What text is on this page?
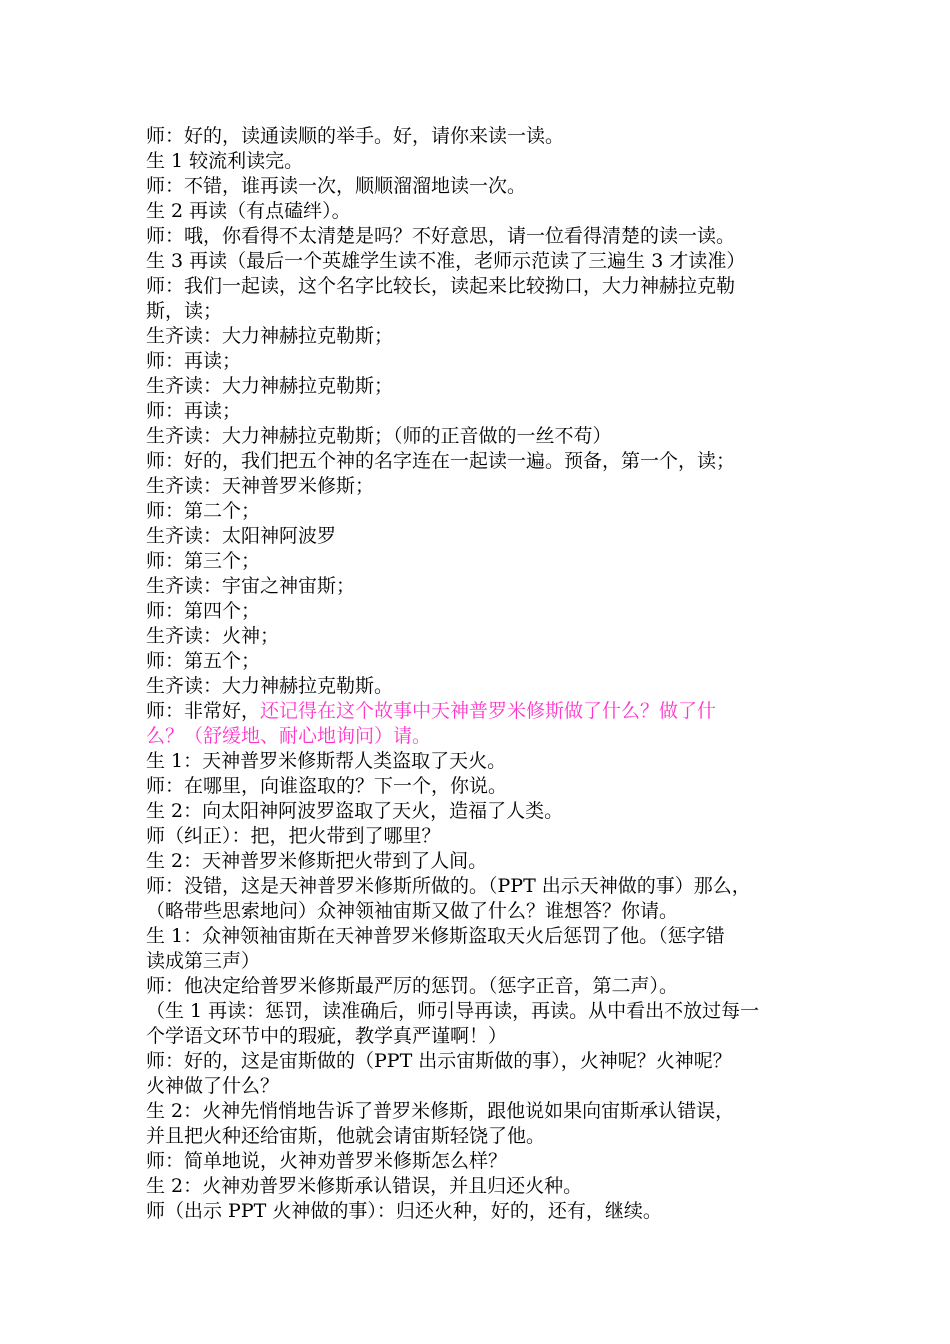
师：好的，读通读顺的举手。好，请你来读一读。
生 1 较流利读完。
师：不错，谁再读一次，顺顺溜溜地读一次。
生 2 再读（有点磕绊）。
师：哦，你看得不太清楚是吗？不好意思，请一位看得清楚的读一读。
生 3 再读（最后一个英雄学生读不准，老师示范读了三遍生 3 才读准）
师：我们一起读，这个名字比较长，读起来比较拗口，大力神赫拉克勒
斯，读；
生齐读：大力神赫拉克勒斯；
师：再读；
生齐读：大力神赫拉克勒斯；
师：再读；
生齐读：大力神赫拉克勒斯；（师的正音做的一丝不苟）
师：好的，我们把五个神的名字连在一起读一遍。预备，第一个，读；
生齐读：天神普罗米修斯；
师：第二个；
生齐读：太阳神阿波罗
师：第三个；
生齐读：宇宙之神宙斯；
师：第四个；
生齐读：火神；
师：第五个；
生齐读：大力神赫拉克勒斯。
师：非常好，还记得在这个故事中天神普罗米修斯做了什么？做了什
么？（舒缓地、耐心地询问）请。
生 1：天神普罗米修斯帮人类盗取了天火。
师：在哪里，向谁盗取的？下一个，你说。
生 2：向太阳神阿波罗盗取了天火，造福了人类。
师（纠正）：把，把火带到了哪里？
生 2：天神普罗米修斯把火带到了人间。
师：没错，这是天神普罗米修斯所做的。（PPT 出示天神做的事）那么，
（略带些思索地问）众神领袖宙斯又做了什么？谁想答？你请。
生 1：众神领袖宙斯在天神普罗米修斯盗取天火后惩罚了他。（惩字错
读成第三声）
师：他决定给普罗米修斯最严厉的惩罚。（惩字正音，第二声）。
（生 1 再读：惩罚，读准确后，师引导再读，再读。从中看出不放过每一
个学语文环节中的瑕疵，教学真严谨啊！）
师：好的，这是宙斯做的（PPT 出示宙斯做的事），火神呢？火神呢？
火神做了什么？
生 2：火神先悄悄地告诉了普罗米修斯，跟他说如果向宙斯承认错误，
并且把火种还给宙斯，他就会请宙斯轻饶了他。
师：简单地说，火神劝普罗米修斯怎么样？
生 2：火神劝普罗米修斯承认错误，并且归还火种。
师（出示 PPT 火神做的事）：归还火种，好的，还有，继续。
